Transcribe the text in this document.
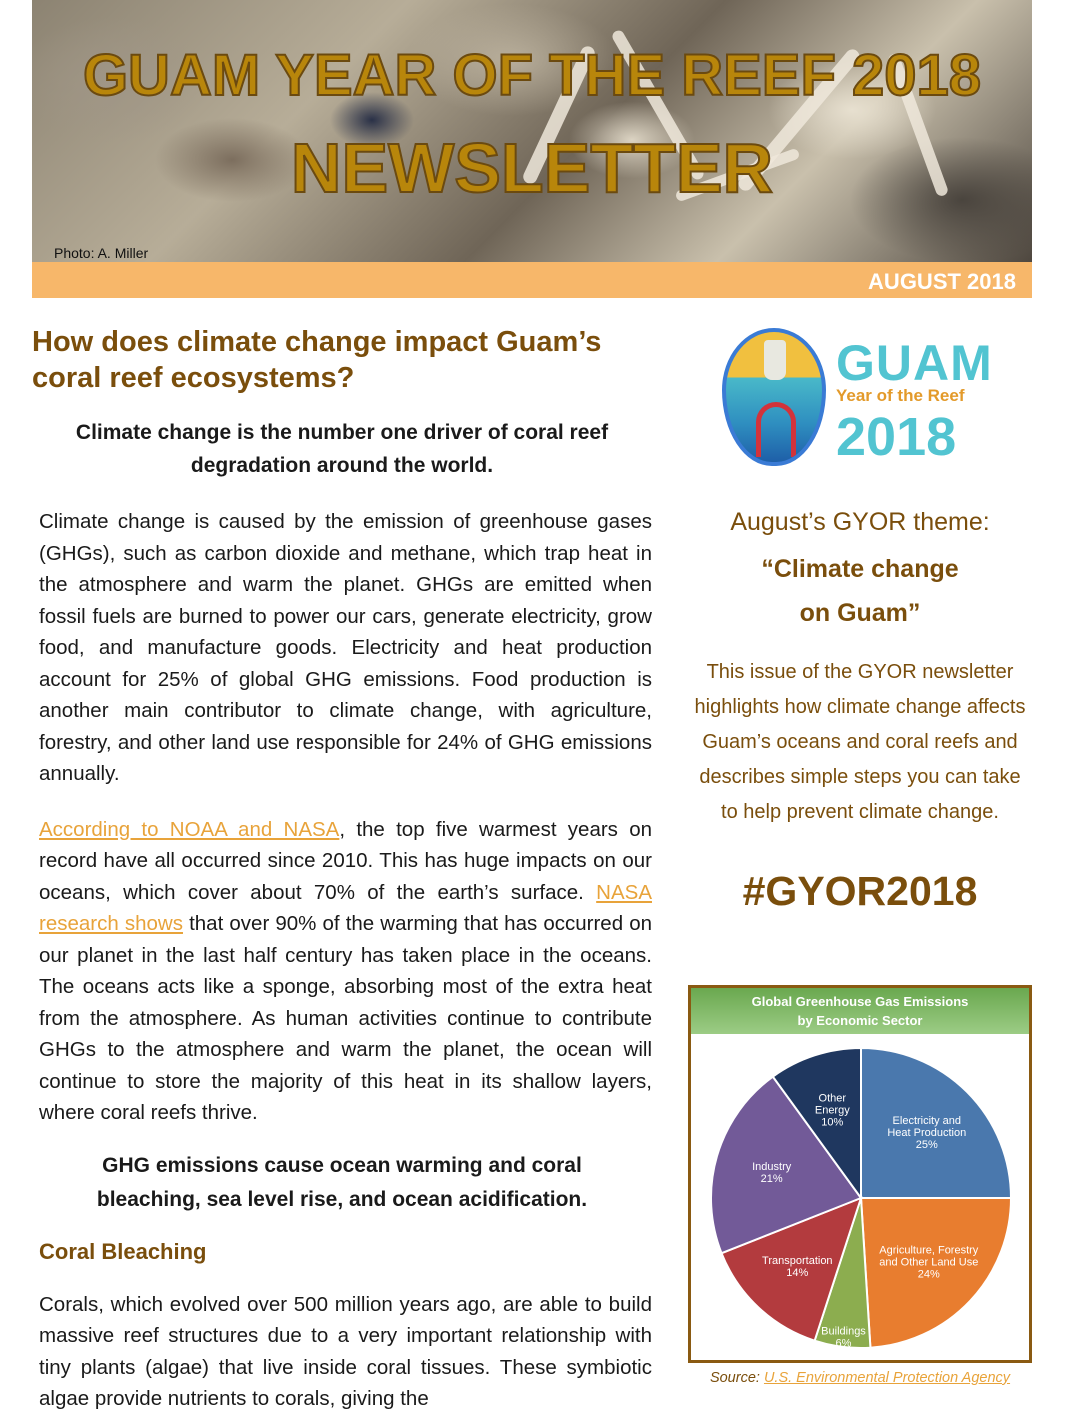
GUAM YEAR OF THE REEF 2018
NEWSLETTER
Photo: A. Miller
AUGUST 2018
How does climate change impact Guam’s coral reef ecosystems?
Climate change is the number one driver of coral reef degradation around the world.

Climate change is caused by the emission of greenhouse gases (GHGs), such as carbon dioxide and methane, which trap heat in the atmosphere and warm the planet. GHGs are emitted when fossil fuels are burned to power our cars, generate electricity, grow food, and manufacture goods. Electricity and heat production account for 25% of global GHG emissions. Food production is another main contributor to climate change, with agriculture, forestry, and other land use responsible for 24% of GHG emissions annually.

According to NOAA and NASA, the top five warmest years on record have all occurred since 2010. This has huge impacts on our oceans, which cover about 70% of the earth’s surface. NASA research shows that over 90% of the warming that has occurred on our planet in the last half century has taken place in the oceans. The oceans acts like a sponge, absorbing most of the extra heat from the atmosphere. As human activities continue to contribute GHGs to the atmosphere and warm the planet, the ocean will continue to store the majority of this heat in its shallow layers, where coral reefs thrive.

GHG emissions cause ocean warming and coral bleaching, sea level rise, and ocean acidification.
Coral Bleaching

Corals, which evolved over 500 million years ago, are able to build massive reef structures due to a very important relationship with tiny plants (algae) that live inside coral tissues. These symbiotic algae provide nutrients to corals, giving the

GUAM
Year of the Reef
2018
August’s GYOR theme:
“Climate change
on Guam”
This issue of the GYOR newsletter highlights how climate change affects Guam’s oceans and coral reefs and describes simple steps you can take to help prevent climate change.
#GYOR2018
Global Greenhouse Gas Emissions
by Economic Sector
Electricity and Heat Production 25%
Agriculture, Forestry and Other Land Use 24%
Buildings 6%
Transportation 14%
Industry 21%
Other Energy 10%
Source: U.S. Environmental Protection Agency
